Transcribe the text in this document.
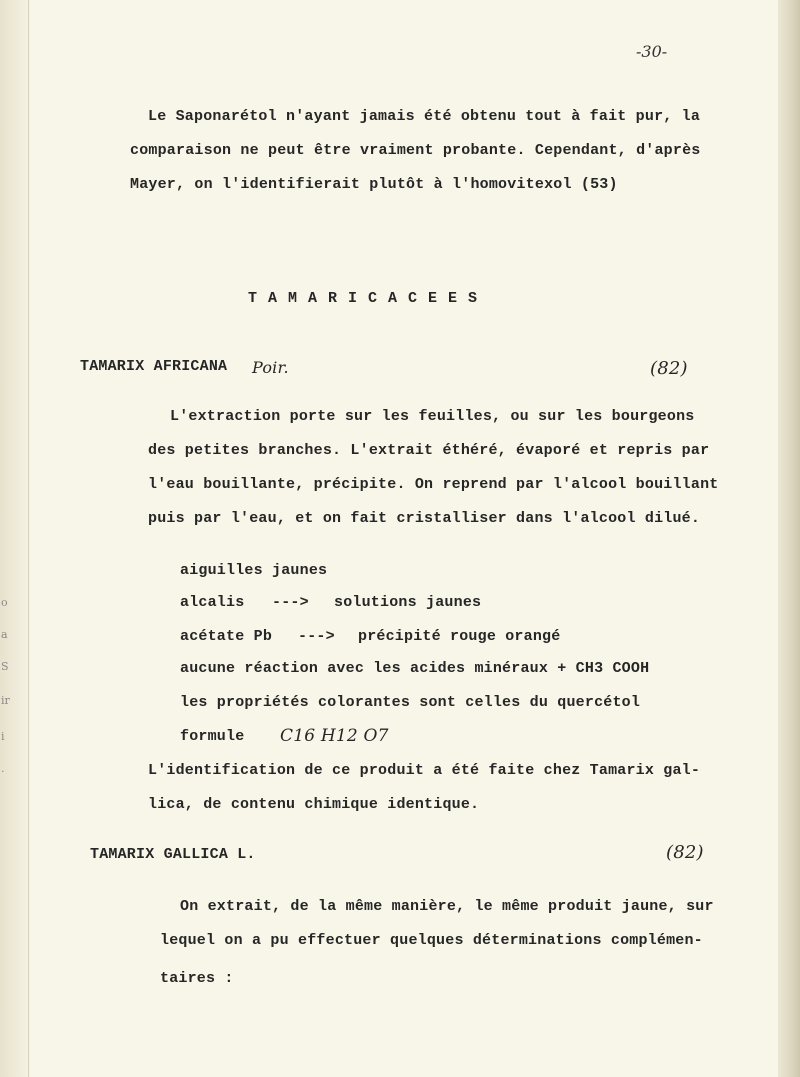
o
a
S
ir
i
.
-30-
Le Saponarétol n'ayant jamais été obtenu tout à fait pur, la
comparaison ne peut être vraiment probante. Cependant, d'après
Mayer, on l'identifierait plutôt à l'homovitexol (53)
TAMARICACEES
TAMARIX AFRICANA Poir.	(82)
L'extraction porte sur les feuilles, ou sur les bourgeons
des petites branches. L'extrait éthéré, évaporé et repris par
l'eau bouillante, précipite. On reprend par l'alcool bouillant
puis par l'eau, et on fait cristalliser dans l'alcool dilué.
aiguilles jaunes
alcalis ---> solutions jaunes
acétate Pb ---> précipité rouge orangé
aucune réaction avec les acides minéraux + CH3 COOH
les propriétés colorantes sont celles du quercétol
formule C16 H12 O7
L'identification de ce produit a été faite chez Tamarix gal-
lica, de contenu chimique identique.
TAMARIX GALLICA L.	(82)
On extrait, de la même manière, le même produit jaune, sur
lequel on a pu effectuer quelques déterminations complémen-
taires :
